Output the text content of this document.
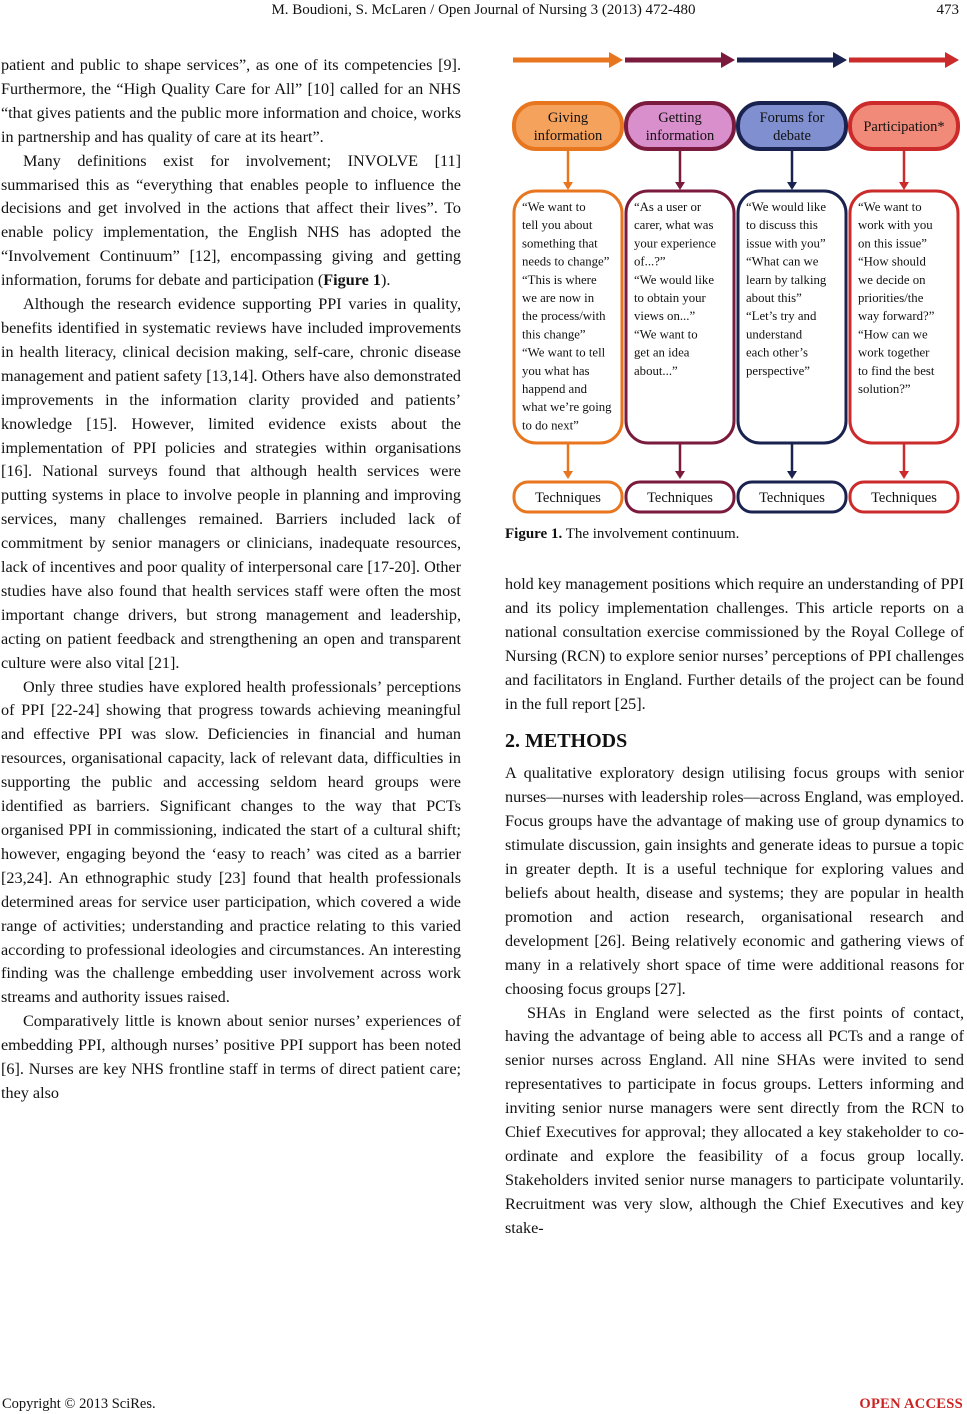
M. Boudioni, S. McLaren / Open Journal of Nursing 3 (2013) 472-480	473

patient and public to shape services”, as one of its competencies [9]. Furthermore, the “High Quality Care for All” [10] called for an NHS “that gives patients and the public more information and choice, works in partnership and has quality of care at its heart”.

Many definitions exist for involvement; INVOLVE [11] summarised this as “everything that enables people to influence the decisions and get involved in the actions that affect their lives”. To enable policy implementation, the English NHS has adopted the “Involvement Continuum” [12], encompassing giving and getting information, forums for debate and participation (Figure 1).

Although the research evidence supporting PPI varies in quality, benefits identified in systematic reviews have included improvements in health literacy, clinical decision making, self-care, chronic disease management and patient safety [13,14]. Others have also demonstrated improvements in the information clarity provided and patients’ knowledge [15]. However, limited evidence exists about the implementation of PPI policies and strategies within organisations [16]. National surveys found that although health services were putting systems in place to involve people in planning and improving services, many challenges remained. Barriers included lack of commitment by senior managers or clinicians, inadequate resources, lack of incentives and poor quality of interpersonal care [17-20]. Other studies have also found that health services staff were often the most important change drivers, but strong management and leadership, acting on patient feedback and strengthening an open and transparent culture were also vital [21].

Only three studies have explored health professionals’ perceptions of PPI [22-24] showing that progress towards achieving meaningful and effective PPI was slow. Deficiencies in financial and human resources, organisational capacity, lack of relevant data, difficulties in supporting the public and accessing seldom heard groups were identified as barriers. Significant changes to the way that PCTs organised PPI in commissioning, indicated the start of a cultural shift; however, engaging beyond the ‘easy to reach’ was cited as a barrier [23,24]. An ethnographic study [23] found that health professionals determined areas for service user participation, which covered a wide range of activities; understanding and practice relating to this varied according to professional ideologies and circumstances. An interesting finding was the challenge embedding user involvement across work streams and authority issues raised.

Comparatively little is known about senior nurses’ experiences of embedding PPI, although nurses’ positive PPI support has been noted [6]. Nurses are key NHS frontline staff in terms of direct patient care; they also

Giving
information
“We want to
tell you about
something that
needs to change”
“This is where
we are now in
the process/with
this change”
“We want to tell
you what has
happend and
what we’re going
to do next”
Techniques
Getting
information
“As a user or
carer, what was
your experience
of...?”
“We would like
to obtain your
views on...”
“We want to
get an idea
about...”
Techniques
Forums for
debate
“We would like
to discuss this
issue with you”
“What can we
learn by talking
about this”
“Let’s try and
understand
each other’s
perspective”
Techniques
Participation*
“We want to
work with you
on this issue”
“How should
we decide on
priorities/the
way forward?”
“How can we
work together
to find the best
solution?”
Techniques
Figure 1. The involvement continuum.

hold key management positions which require an understanding of PPI and its policy implementation challenges. This article reports on a national consultation exercise commissioned by the Royal College of Nursing (RCN) to explore senior nurses’ perceptions of PPI challenges and facilitators in England. Further details of the project can be found in the full report [25].

2. METHODS

A qualitative exploratory design utilising focus groups with senior nurses—nurses with leadership roles—across England, was employed. Focus groups have the advantage of making use of group dynamics to stimulate discussion, gain insights and generate ideas to pursue a topic in greater depth. It is a useful technique for exploring values and beliefs about health, disease and systems; they are popular in health promotion and action research, organisational research and development [26]. Being relatively economic and gathering views of many in a relatively short space of time were additional reasons for choosing focus groups [27].

SHAs in England were selected as the first points of contact, having the advantage of being able to access all PCTs and a range of senior nurses across England. All nine SHAs were invited to send representatives to participate in focus groups. Letters informing and inviting senior nurse managers were sent directly from the RCN to Chief Executives for approval; they allocated a key stakeholder to co-ordinate and explore the feasibility of a focus group locally. Stakeholders invited senior nurse managers to participate voluntarily. Recruitment was very slow, although the Chief Executives and key stake-

Copyright © 2013 SciRes.	OPEN ACCESS
